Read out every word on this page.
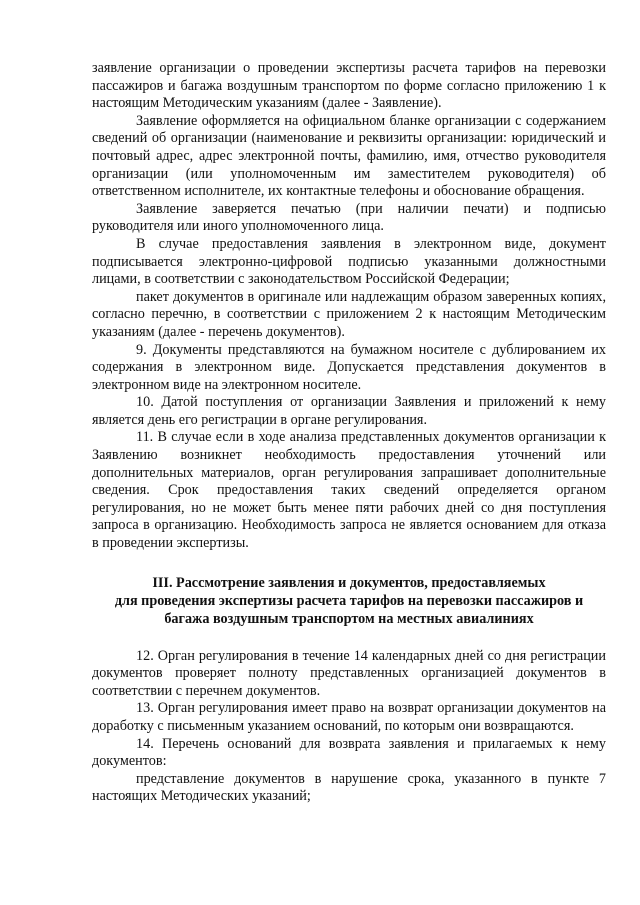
заявление организации о проведении экспертизы расчета тарифов на перевозки пассажиров и багажа воздушным транспортом по форме согласно приложению 1 к настоящим Методическим указаниям (далее - Заявление).

Заявление оформляется на официальном бланке организации с содержанием сведений об организации (наименование и реквизиты организации: юридический и почтовый адрес, адрес электронной почты, фамилию, имя, отчество руководителя организации (или уполномоченным им заместителем руководителя) об ответственном исполнителе, их контактные телефоны и обоснование обращения.

Заявление заверяется печатью (при наличии печати) и подписью руководителя или иного уполномоченного лица.

В случае предоставления заявления в электронном виде, документ подписывается электронно-цифровой подписью указанными должностными лицами, в соответствии с законодательством Российской Федерации;

пакет документов в оригинале или надлежащим образом заверенных копиях, согласно перечню, в соответствии с приложением 2 к настоящим Методическим указаниям (далее - перечень документов).

9. Документы представляются на бумажном носителе с дублированием их содержания в электронном виде. Допускается представления документов в электронном виде на электронном носителе.

10. Датой поступления от организации Заявления и приложений к нему является день его регистрации в органе регулирования.

11. В случае если в ходе анализа представленных документов организации к Заявлению возникнет необходимость предоставления уточнений или дополнительных материалов, орган регулирования запрашивает дополнительные сведения. Срок предоставления таких сведений определяется органом регулирования, но не может быть менее пяти рабочих дней со дня поступления запроса в организацию. Необходимость запроса не является основанием для отказа в проведении экспертизы.

III. Рассмотрение заявления и документов, предоставляемых
для проведения экспертизы расчета тарифов на перевозки пассажиров и
багажа воздушным транспортом на местных авиалиниях

12. Орган регулирования в течение 14 календарных дней со дня регистрации документов проверяет полноту представленных организацией документов в соответствии с перечнем документов.

13. Орган регулирования имеет право на возврат организации документов на доработку с письменным указанием оснований, по которым они возвращаются.

14. Перечень оснований для возврата заявления и прилагаемых к нему документов:

представление документов в нарушение срока, указанного в пункте 7 настоящих Методических указаний;
